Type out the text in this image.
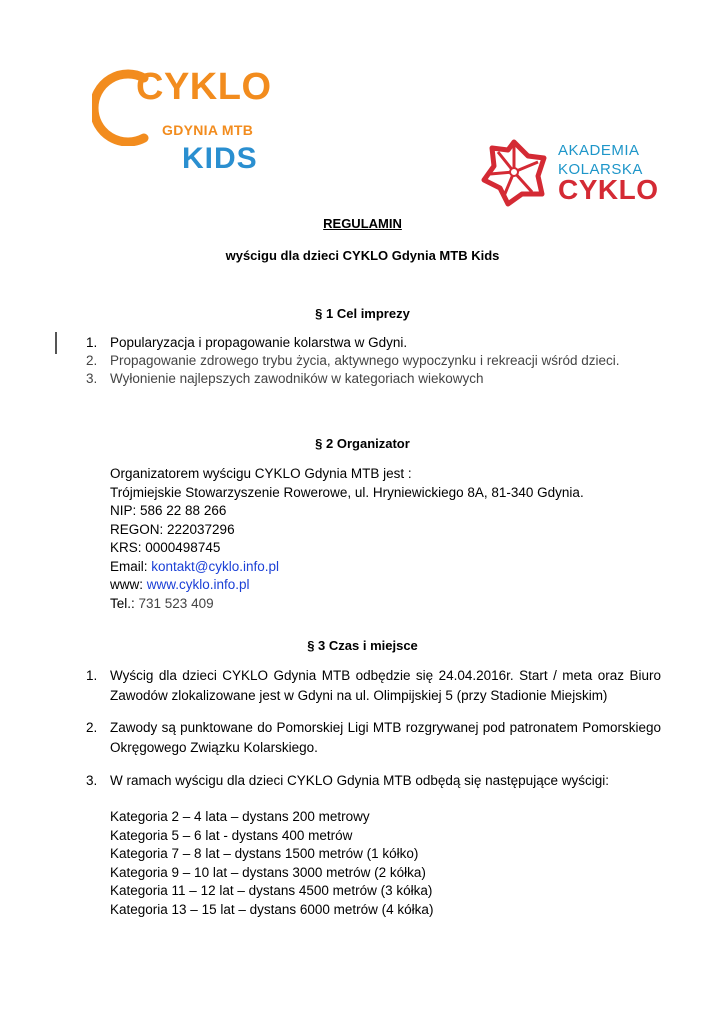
CYKLO
GDYNIA MTB
KIDS	AKADEMIA
KOLARSKA
CYKLO
REGULAMIN
wyścigu dla dzieci CYKLO Gdynia MTB Kids
§ 1 Cel imprezy
1. Popularyzacja i propagowanie kolarstwa w Gdyni.
2. Propagowanie zdrowego trybu życia, aktywnego wypoczynku i rekreacji wśród dzieci.
3. Wyłonienie najlepszych zawodników w kategoriach wiekowych
§ 2 Organizator
Organizatorem wyścigu CYKLO Gdynia MTB jest :
Trójmiejskie Stowarzyszenie Rowerowe, ul. Hryniewickiego 8A, 81-340 Gdynia.
NIP: 586 22 88 266
REGON: 222037296
KRS: 0000498745
Email: kontakt@cyklo.info.pl
www: www.cyklo.info.pl
Tel.: 731 523 409
§ 3 Czas i miejsce
1. Wyścig dla dzieci CYKLO Gdynia MTB odbędzie się 24.04.2016r. Start / meta oraz Biuro Zawodów zlokalizowane jest w Gdyni na ul. Olimpijskiej 5 (przy Stadionie Miejskim)
2. Zawody są punktowane do Pomorskiej Ligi MTB rozgrywanej pod patronatem Pomorskiego Okręgowego Związku Kolarskiego.
3. W ramach wyścigu dla dzieci CYKLO Gdynia MTB odbędą się następujące wyścigi:
Kategoria 2 – 4 lata – dystans 200 metrowy
Kategoria 5 – 6 lat - dystans 400 metrów
Kategoria 7 – 8 lat – dystans 1500 metrów (1 kółko)
Kategoria 9 – 10 lat – dystans 3000 metrów (2 kółka)
Kategoria 11 – 12 lat – dystans 4500 metrów (3 kółka)
Kategoria 13 – 15 lat – dystans 6000 metrów (4 kółka)
